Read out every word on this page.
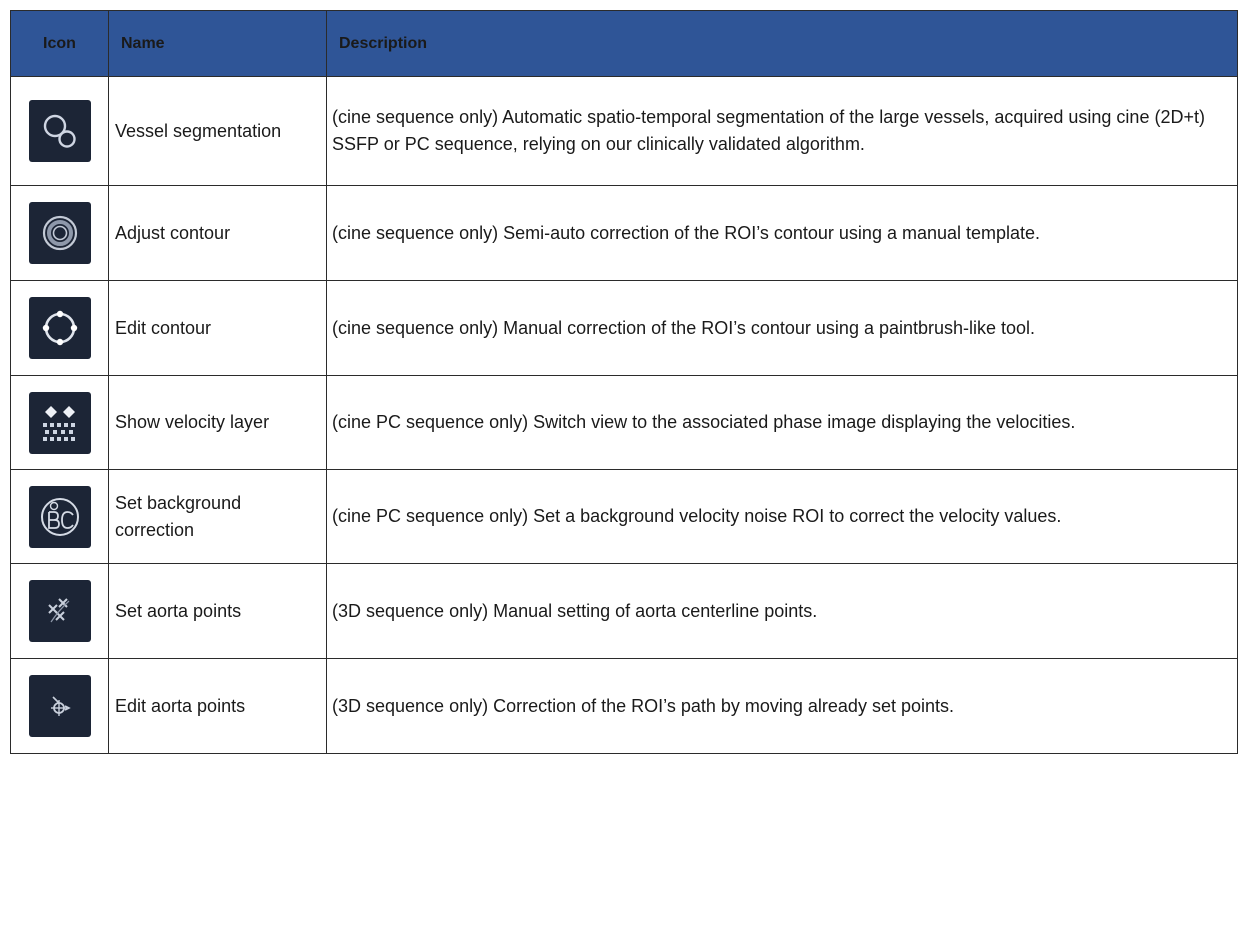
Icon	Name	Description

	Vessel segmentation	(cine sequence only) Automatic spatio-temporal segmentation of the large vessels, acquired using cine (2D+t) SSFP or PC sequence, relying on our clinically validated algorithm.

	Adjust contour	(cine sequence only) Semi-auto correction of the ROI’s contour using a manual template.

	Edit contour	(cine sequence only) Manual correction of the ROI’s contour using a paintbrush-like tool.

	Show velocity layer	(cine PC sequence only) Switch view to the associated phase image displaying the velocities.

	Set background correction	(cine PC sequence only) Set a background velocity noise ROI to correct the velocity values.

	Set aorta points	(3D sequence only) Manual setting of aorta centerline points.

	Edit aorta points	(3D sequence only) Correction of the ROI’s path by moving already set points.
